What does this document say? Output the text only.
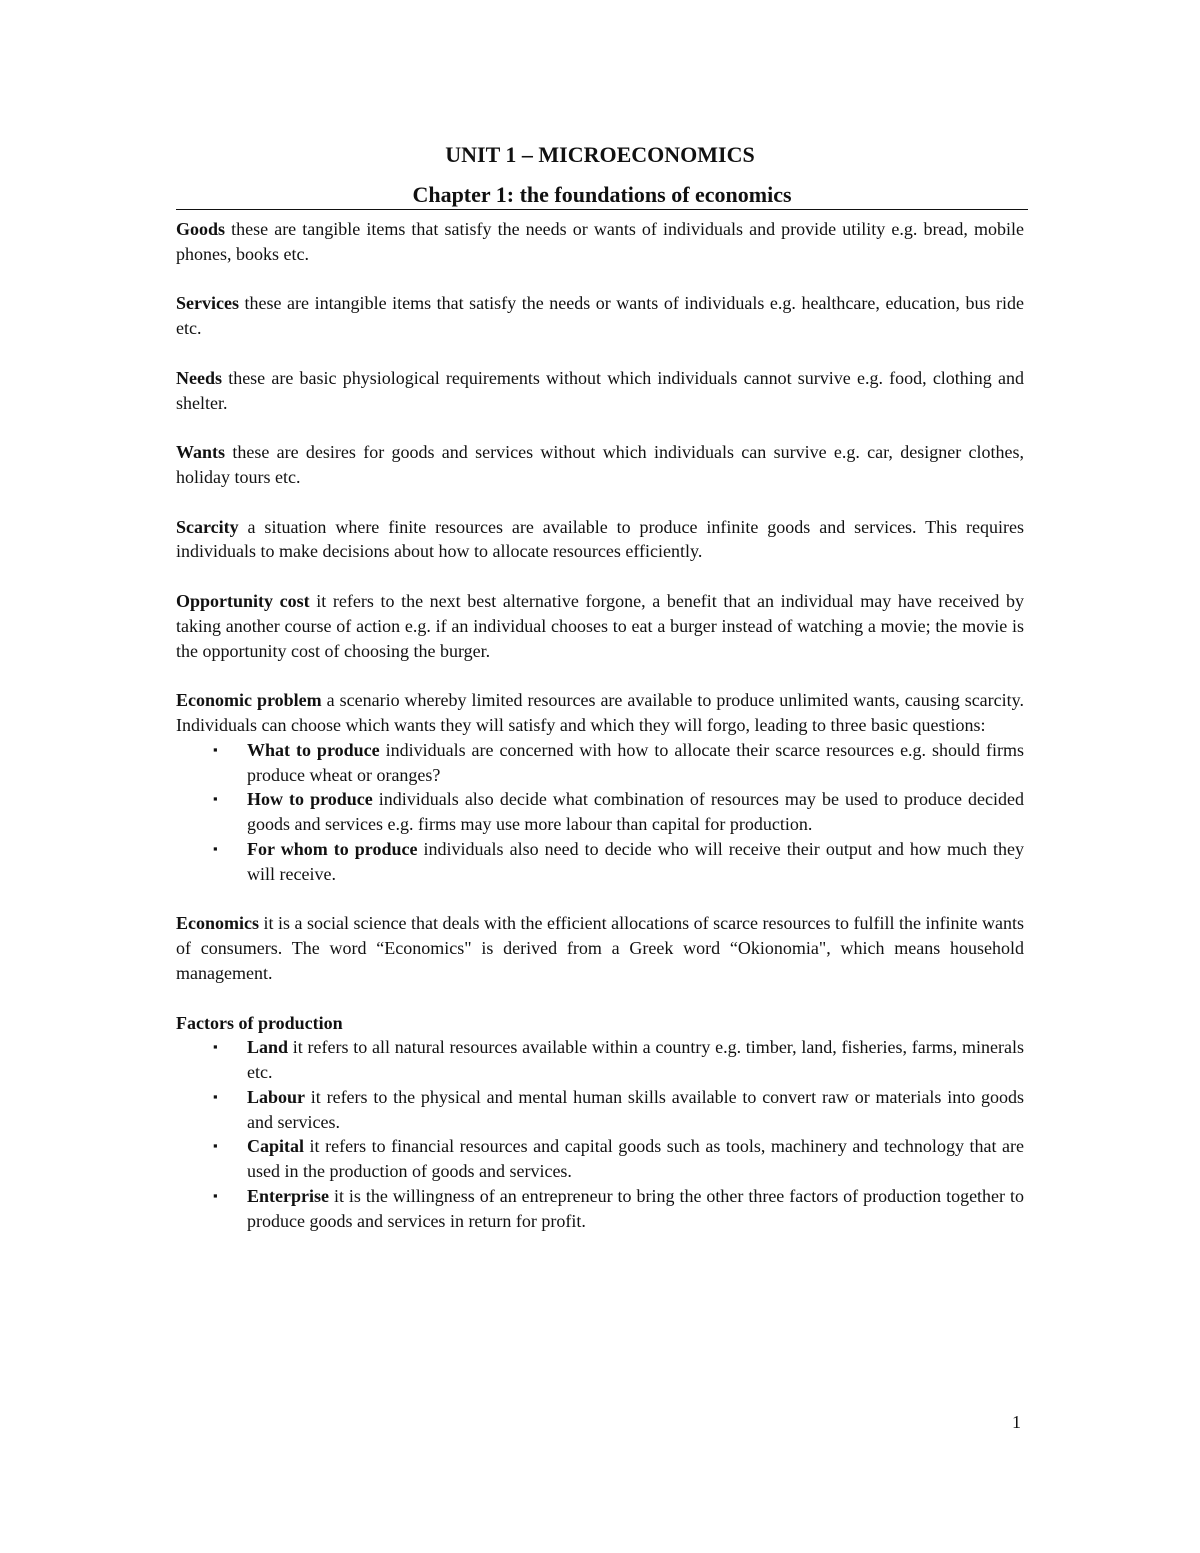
UNIT 1 – MICROECONOMICS
Chapter 1: the foundations of economics

Goods these are tangible items that satisfy the needs or wants of individuals and provide utility e.g. bread, mobile phones, books etc.

Services these are intangible items that satisfy the needs or wants of individuals e.g. healthcare, education, bus ride etc.

Needs these are basic physiological requirements without which individuals cannot survive e.g. food, clothing and shelter.

Wants these are desires for goods and services without which individuals can survive e.g. car, designer clothes, holiday tours etc.

Scarcity a situation where finite resources are available to produce infinite goods and services. This requires individuals to make decisions about how to allocate resources efficiently.

Opportunity cost it refers to the next best alternative forgone, a benefit that an individual may have received by taking another course of action e.g. if an individual chooses to eat a burger instead of watching a movie; the movie is the opportunity cost of choosing the burger.

Economic problem a scenario whereby limited resources are available to produce unlimited wants, causing scarcity. Individuals can choose which wants they will satisfy and which they will forgo, leading to three basic questions:

▪ What to produce individuals are concerned with how to allocate their scarce resources e.g. should firms produce wheat or oranges?
▪ How to produce individuals also decide what combination of resources may be used to produce decided goods and services e.g. firms may use more labour than capital for production.
▪ For whom to produce individuals also need to decide who will receive their output and how much they will receive.

Economics it is a social science that deals with the efficient allocations of scarce resources to fulfill the infinite wants of consumers. The word “Economics" is derived from a Greek word “Okionomia", which means household management.

Factors of production

▪ Land it refers to all natural resources available within a country e.g. timber, land, fisheries, farms, minerals etc.
▪ Labour it refers to the physical and mental human skills available to convert raw or materials into goods and services.
▪ Capital it refers to financial resources and capital goods such as tools, machinery and technology that are used in the production of goods and services.
▪ Enterprise it is the willingness of an entrepreneur to bring the other three factors of production together to produce goods and services in return for profit.
1
